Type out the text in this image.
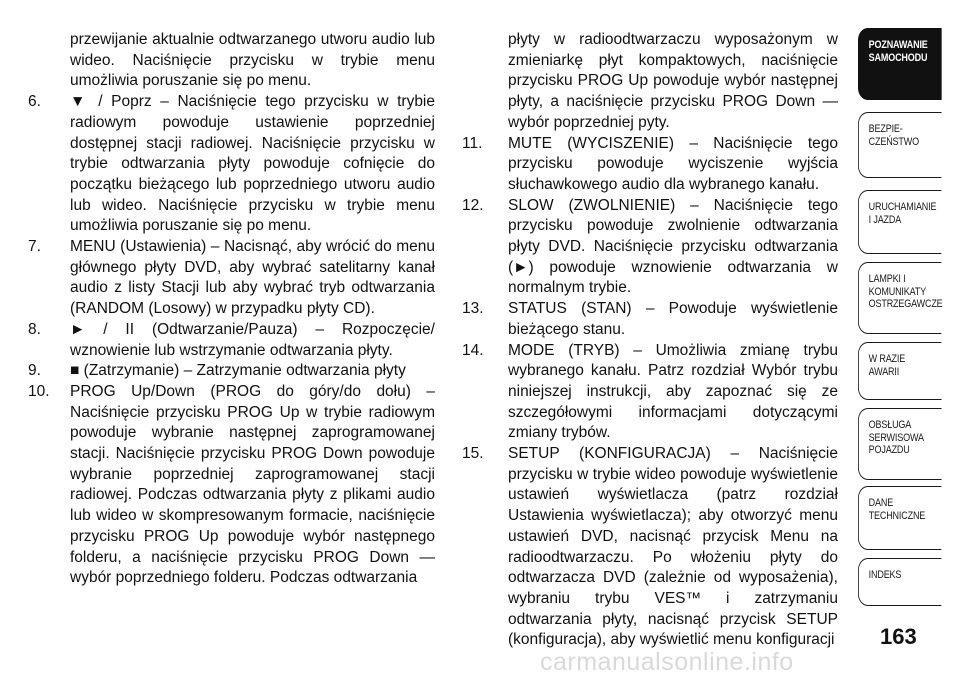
przewijanie aktualnie odtwarzanego utworu audio lub wideo. Naciśnięcie przycisku w trybie menu umożliwia poruszanie się po menu.

6.	▼ / Poprz – Naciśnięcie tego przycisku w trybie radiowym powoduje ustawienie poprzedniej dostępnej stacji radiowej. Naciśnięcie przycisku w trybie odtwarzania płyty powoduje cofnięcie do początku bieżącego lub poprzedniego utworu audio lub wideo. Naciśnięcie przycisku w trybie menu umożliwia poruszanie się po menu.

7.	MENU (Ustawienia) – Nacisnąć, aby wrócić do menu głównego płyty DVD, aby wybrać satelitarny kanał audio z listy Stacji lub aby wybrać tryb odtwarzania (RANDOM (Losowy) w przypadku płyty CD).

8.	► / II (Odtwarzanie/Pauza) – Rozpoczęcie/ wznowienie lub wstrzymanie odtwarzania płyty.

9.	■ (Zatrzymanie) – Zatrzymanie odtwarzania płyty

10.	PROG Up/Down (PROG do góry/do dołu) – Naciśnięcie przycisku PROG Up w trybie radiowym powoduje wybranie następnej zaprogramowanej stacji. Naciśnięcie przycisku PROG Down powoduje wybranie poprzedniej zaprogramowanej stacji radiowej. Podczas odtwarzania płyty z plikami audio lub wideo w skompresowanym formacie, naciśnięcie przycisku PROG Up powoduje wybór następnego folderu, a naciśnięcie przycisku PROG Down — wybór poprzedniego folderu. Podczas odtwarzania

płyty w radioodtwarzaczu wyposażonym w zmieniarkę płyt kompaktowych, naciśnięcie przycisku PROG Up powoduje wybór następnej płyty, a naciśnięcie przycisku PROG Down — wybór poprzedniej pyty.

11.	MUTE (WYCISZENIE) – Naciśnięcie tego przycisku powoduje wyciszenie wyjścia słuchawkowego audio dla wybranego kanału.

12.	SLOW (ZWOLNIENIE) – Naciśnięcie tego przycisku powoduje zwolnienie odtwarzania płyty DVD. Naciśnięcie przycisku odtwarzania (►) powoduje wznowienie odtwarzania w normalnym trybie.

13.	STATUS (STAN) – Powoduje wyświetlenie bieżącego stanu.

14.	MODE (TRYB) – Umożliwia zmianę trybu wybranego kanału. Patrz rozdział Wybór trybu niniejszej instrukcji, aby zapoznać się ze szczegółowymi informacjami dotyczącymi zmiany trybów.

15.	SETUP (KONFIGURACJA) – Naciśnięcie przycisku w trybie wideo powoduje wyświetlenie ustawień wyświetlacza (patrz rozdział Ustawienia wyświetlacza); aby otworzyć menu ustawień DVD, nacisnąć przycisk Menu na radioodtwarzaczu. Po włożeniu płyty do odtwarzacza DVD (zależnie od wyposażenia), wybraniu trybu VES™ i zatrzymaniu odtwarzania płyty, nacisnąć przycisk SETUP (konfiguracja), aby wyświetlić menu konfiguracji

POZNAWANIE
SAMOCHODU
BEZPIE-
CZEŃSTWO
URUCHAMIANIE
I JAZDA
LAMPKI I
KOMUNIKATY
OSTRZEGAWCZE
W RAZIE
AWARII
OBSŁUGA
SERWISOWA
POJAZDU
DANE
TECHNICZNE
INDEKS
163
carmanualsonline.info
